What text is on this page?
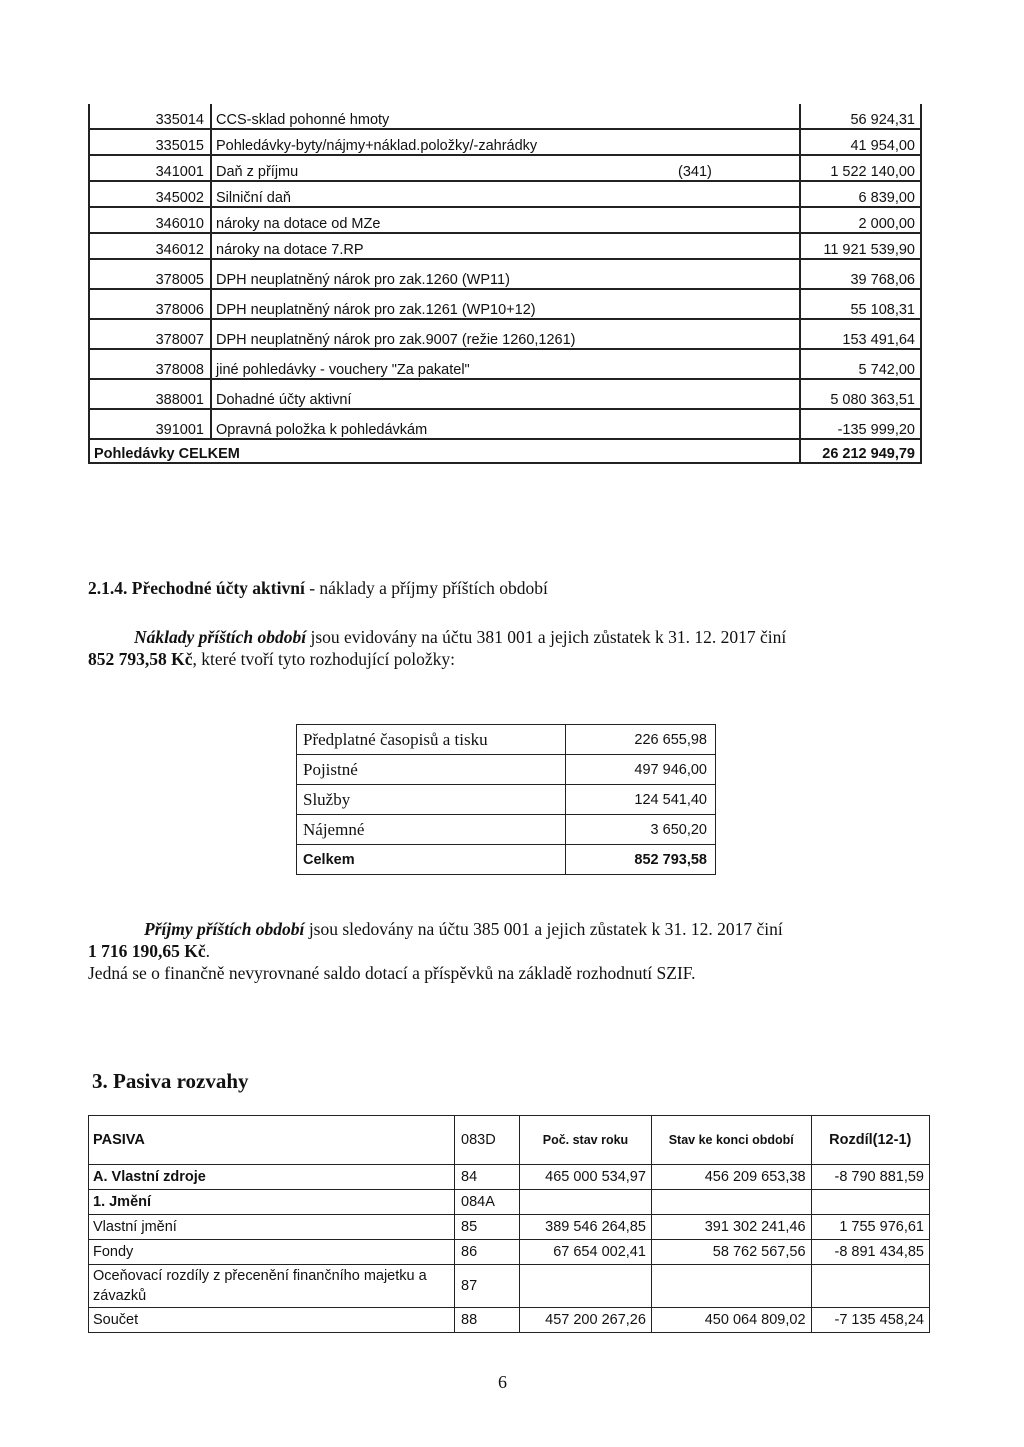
335014	CCS-sklad pohonné hmoty	56 924,31
335015	Pohledávky-byty/nájmy+náklad.položky/-zahrádky	41 954,00
341001	Daň z příjmu (341)	1 522 140,00
345002	Silniční daň	6 839,00
346010	nároky na dotace od MZe	2 000,00
346012	nároky na dotace 7.RP	11 921 539,90
378005	DPH neuplatněný nárok pro zak.1260 (WP11)	39 768,06
378006	DPH neuplatněný nárok pro zak.1261 (WP10+12)	55 108,31
378007	DPH neuplatněný nárok pro zak.9007 (režie 1260,1261)	153 491,64
378008	jiné pohledávky - vouchery "Za pakatel"	5 742,00
388001	Dohadné účty aktivní	5 080 363,51
391001	Opravná položka k pohledávkám	-135 999,20
Pohledávky CELKEM		26 212 949,79
2.1.4. Přechodné účty aktivní - náklady a příjmy příštích období
Náklady příštích období jsou evidovány na účtu 381 001 a jejich zůstatek k 31. 12. 2017 činí
852 793,58 Kč, které tvoří tyto rozhodující položky:
Předplatné časopisů a tisku	226 655,98
Pojistné	497 946,00
Služby	124 541,40
Nájemné	3 650,20
Celkem	852 793,58
Příjmy příštích období jsou sledovány na účtu 385 001 a jejich zůstatek k 31. 12. 2017 činí
1 716 190,65 Kč.
Jedná se o finančně nevyrovnané saldo dotací a příspěvků na základě rozhodnutí SZIF.
3. Pasiva rozvahy
PASIVA	083D	Poč. stav roku	Stav ke konci období	Rozdíl(12-1)
A. Vlastní zdroje	84	465 000 534,97	456 209 653,38	-8 790 881,59
1. Jmění	084A			
Vlastní jmění	85	389 546 264,85	391 302 241,46	1 755 976,61
Fondy	86	67 654 002,41	58 762 567,56	-8 891 434,85
Oceňovací rozdíly z přecenění finančního majetku a závazků	87			
Součet	88	457 200 267,26	450 064 809,02	-7 135 458,24
6
